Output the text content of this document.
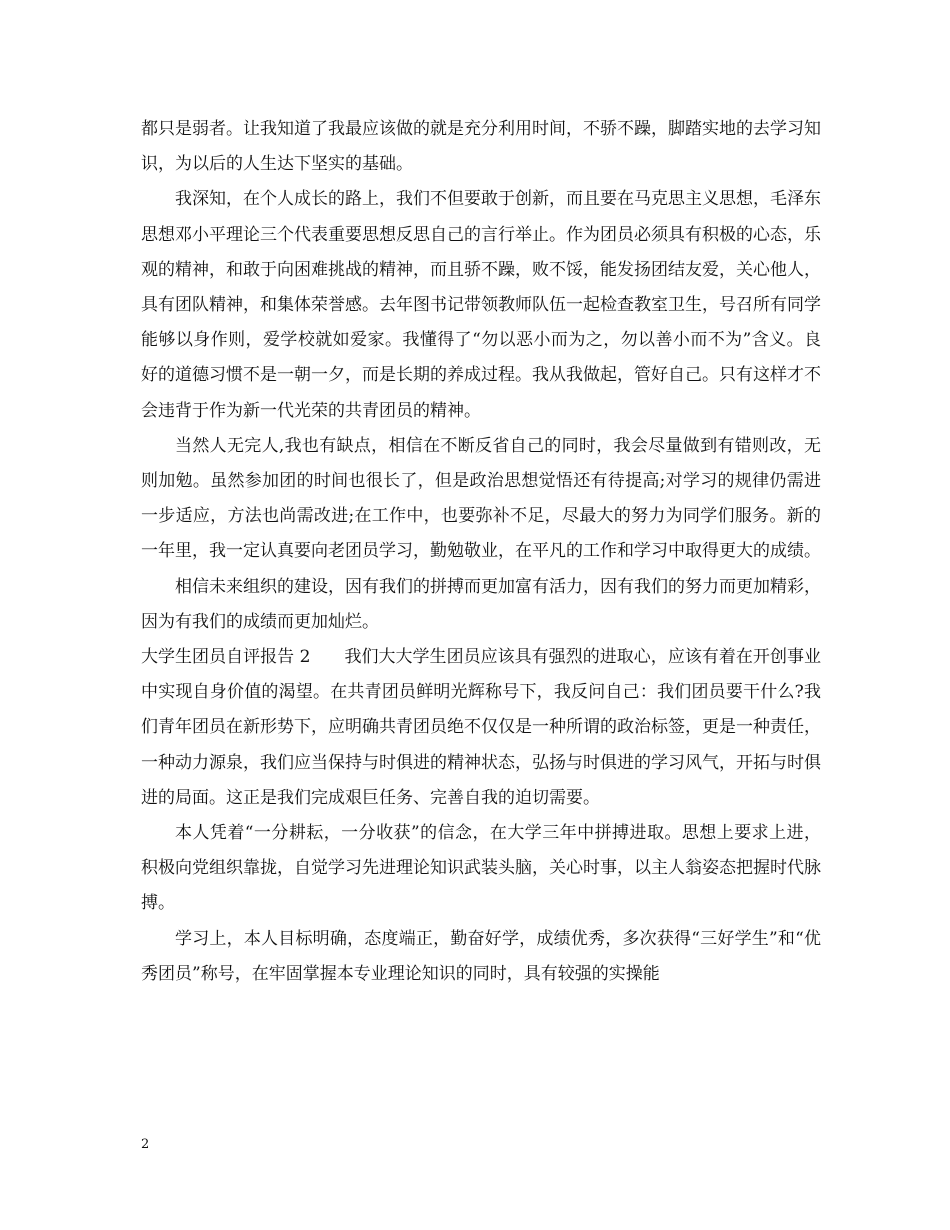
都只是弱者。让我知道了我最应该做的就是充分利用时间，不骄不躁，脚踏实地的去学习知识，为以后的人生达下坚实的基础。

我深知，在个人成长的路上，我们不但要敢于创新，而且要在马克思主义思想，毛泽东思想邓小平理论三个代表重要思想反思自己的言行举止。作为团员必须具有积极的心态，乐观的精神，和敢于向困难挑战的精神，而且骄不躁，败不馁，能发扬团结友爱，关心他人，具有团队精神，和集体荣誉感。去年图书记带领教师队伍一起检查教室卫生，号召所有同学能够以身作则，爱学校就如爱家。我懂得了“勿以恶小而为之，勿以善小而不为”含义。良好的道德习惯不是一朝一夕，而是长期的养成过程。我从我做起，管好自己。只有这样才不会违背于作为新一代光荣的共青团员的精神。

当然人无完人,我也有缺点，相信在不断反省自己的同时，我会尽量做到有错则改，无则加勉。虽然参加团的时间也很长了，但是政治思想觉悟还有待提高;对学习的规律仍需进一步适应，方法也尚需改进;在工作中，也要弥补不足，尽最大的努力为同学们服务。新的一年里，我一定认真要向老团员学习，勤勉敬业，在平凡的工作和学习中取得更大的成绩。

相信未来组织的建设，因有我们的拼搏而更加富有活力，因有我们的努力而更加精彩，因为有我们的成绩而更加灿烂。

大学生团员自评报告 2 我们大大学生团员应该具有强烈的进取心，应该有着在开创事业中实现自身价值的渴望。在共青团员鲜明光辉称号下，我反问自己：我们团员要干什么?我们青年团员在新形势下，应明确共青团员绝不仅仅是一种所谓的政治标签，更是一种责任，一种动力源泉，我们应当保持与时俱进的精神状态，弘扬与时俱进的学习风气，开拓与时俱进的局面。这正是我们完成艰巨任务、完善自我的迫切需要。

本人凭着“一分耕耘，一分收获”的信念，在大学三年中拼搏进取。思想上要求上进，积极向党组织靠拢，自觉学习先进理论知识武装头脑，关心时事，以主人翁姿态把握时代脉搏。

学习上，本人目标明确，态度端正，勤奋好学，成绩优秀，多次获得“三好学生”和“优秀团员”称号，在牢固掌握本专业理论知识的同时，具有较强的实操能

2
